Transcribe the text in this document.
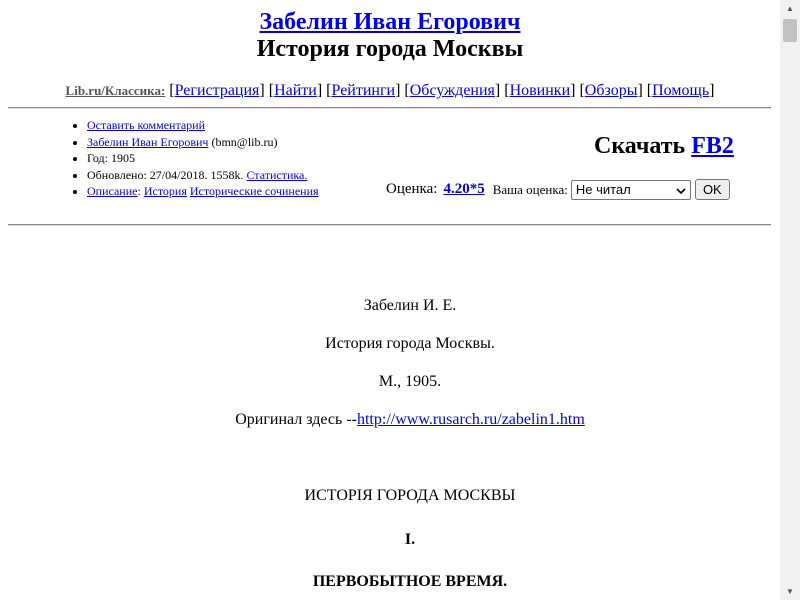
Забелин Иван Егорович
История города Москвы
Lib.ru/Классика: [Регистрация] [Найти] [Рейтинги] [Обсуждения] [Новинки] [Обзоры] [Помощь]
• Оставить комментарий
• Забелин Иван Егорович (bmn@lib.ru)
• Год: 1905
• Обновлено: 27/04/2018. 1558k. Статистика.
• Описание: История Исторические сочинения
Скачать FB2
Оценка: 4.20*5 Ваша оценка: Не читал	OK
Забелин И. Е.
История города Москвы.
М., 1905.
Оригинал здесь --http://www.rusarch.ru/zabelin1.htm
ИСТОРІЯ ГОРОДА МОСКВЫ
I.
ПЕРВОБЫТНОЕ ВРЕМЯ.
▲
▼
